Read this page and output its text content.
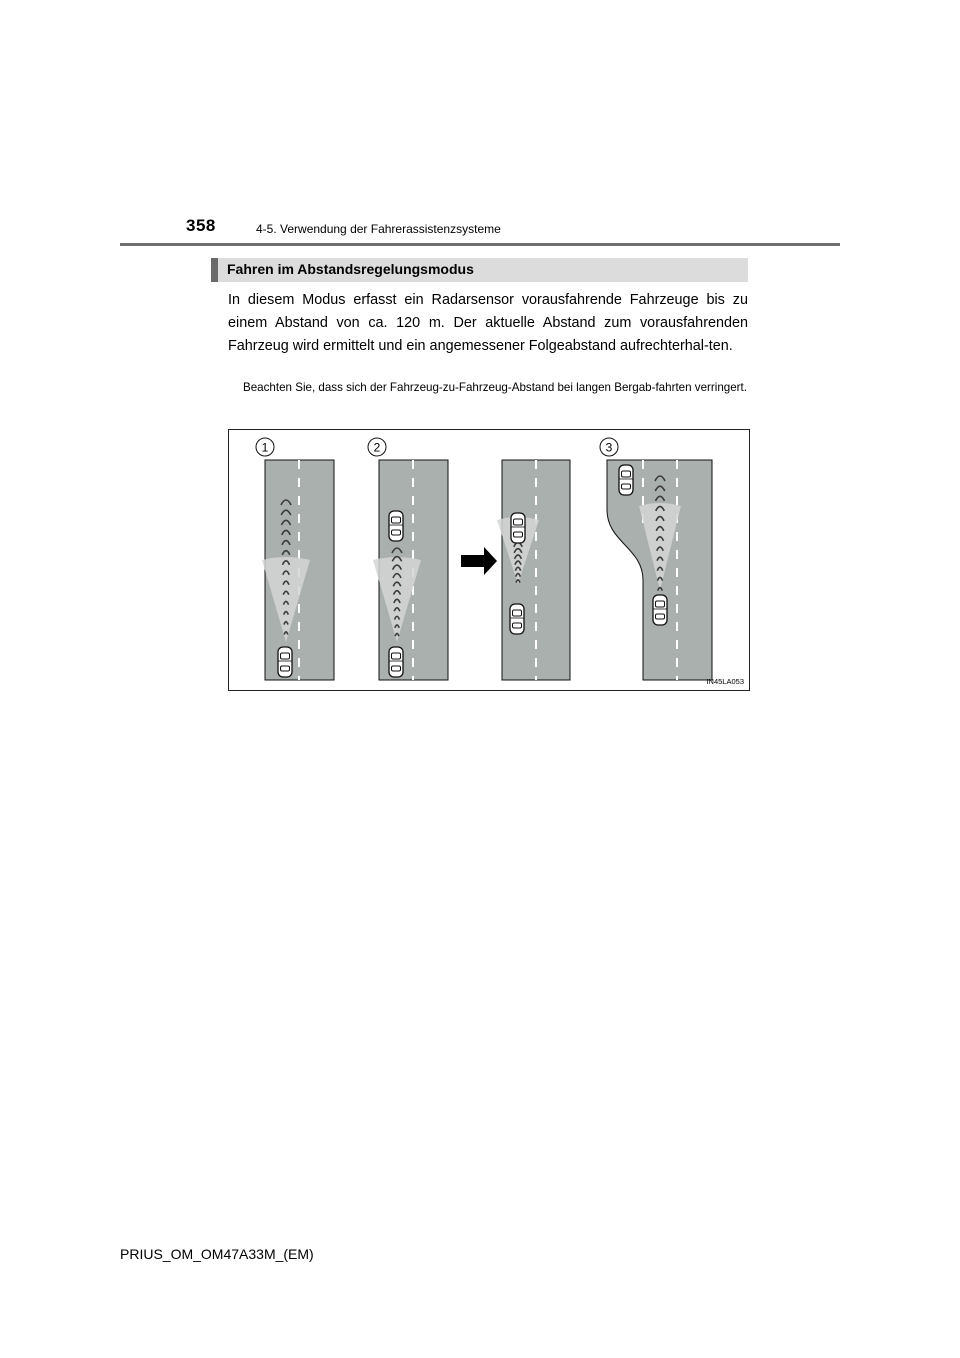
358	4-5. Verwendung der Fahrerassistenzsysteme
Fahren im Abstandsregelungsmodus
In diesem Modus erfasst ein Radarsensor vorausfahrende Fahrzeuge bis zu einem Abstand von ca. 120 m. Der aktuelle Abstand zum vorausfahrenden Fahrzeug wird ermittelt und ein angemessener Folgeabstand aufrechterhal-ten.
Beachten Sie, dass sich der Fahrzeug-zu-Fahrzeug-Abstand bei langen Bergab-fahrten verringert.
1	2	3
IN45LA053
PRIUS_OM_OM47A33M_(EM)
